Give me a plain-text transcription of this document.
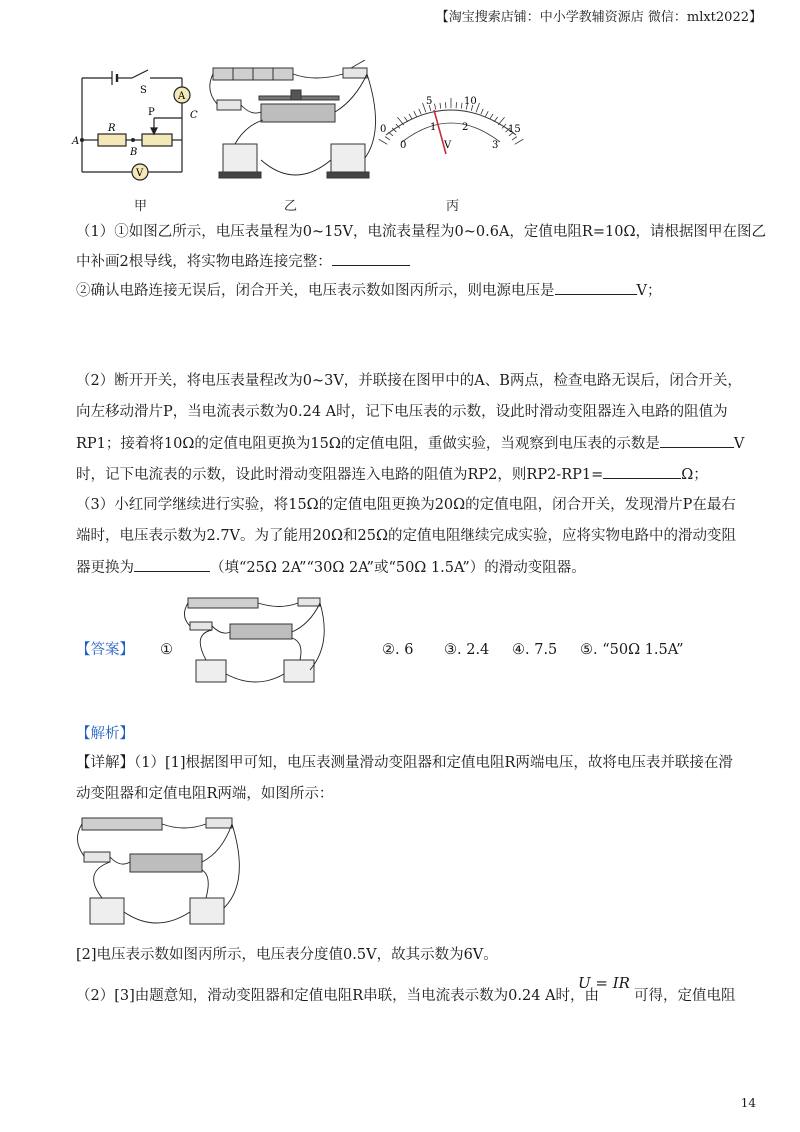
【淘宝搜索店铺：中小学教辅资源店 微信：mlxt2022】
A
S
C
A
R
P
B
V
甲	乙
0
5	10
15
0
1	2
3
V
丙
（1）①如图乙所示，电压表量程为0~15V，电流表量程为0~0.6A，定值电阻R=10Ω，请根据图甲在图乙
中补画2根导线，将实物电路连接完整：
②确认电路连接无误后，闭合开关，电压表示数如图丙所示，则电源电压是	V；
（2）断开开关，将电压表量程改为0~3V，并联接在图甲中的A、B两点，检查电路无误后，闭合开关，
向左移动滑片P，当电流表示数为0.24 A时，记下电压表的示数，设此时滑动变阻器连入电路的阻值为
RP1；接着将10Ω的定值电阻更换为15Ω的定值电阻，重做实验，当观察到电压表的示数是	V
时，记下电流表的示数，设此时滑动变阻器连入电路的阻值为RP2，则RP2-RP1=	Ω；
（3）小红同学继续进行实验，将15Ω的定值电阻更换为20Ω的定值电阻，闭合开关，发现滑片P在最右
端时，电压表示数为2.7V。为了能用20Ω和25Ω的定值电阻继续完成实验，应将实物电路中的滑动变阻
器更换为	（填“25Ω 2A”“30Ω 2A”或“50Ω 1.5A”）的滑动变阻器。
【答案】 ①	②. 6 ③. 2.4 ④. 7.5 ⑤. “50Ω 1.5A”
【解析】
【详解】（1）[1]根据图甲可知，电压表测量滑动变阻器和定值电阻R两端电压，故将电压表并联接在滑
动变阻器和定值电阻R两端，如图所示：
[2]电压表示数如图丙所示，电压表分度值0.5V，故其示数为6V。
（2）[3]由题意知，滑动变阻器和定值电阻R串联，当电流表示数为0.24 A时，由
U = IR
可得，定值电阻
14
